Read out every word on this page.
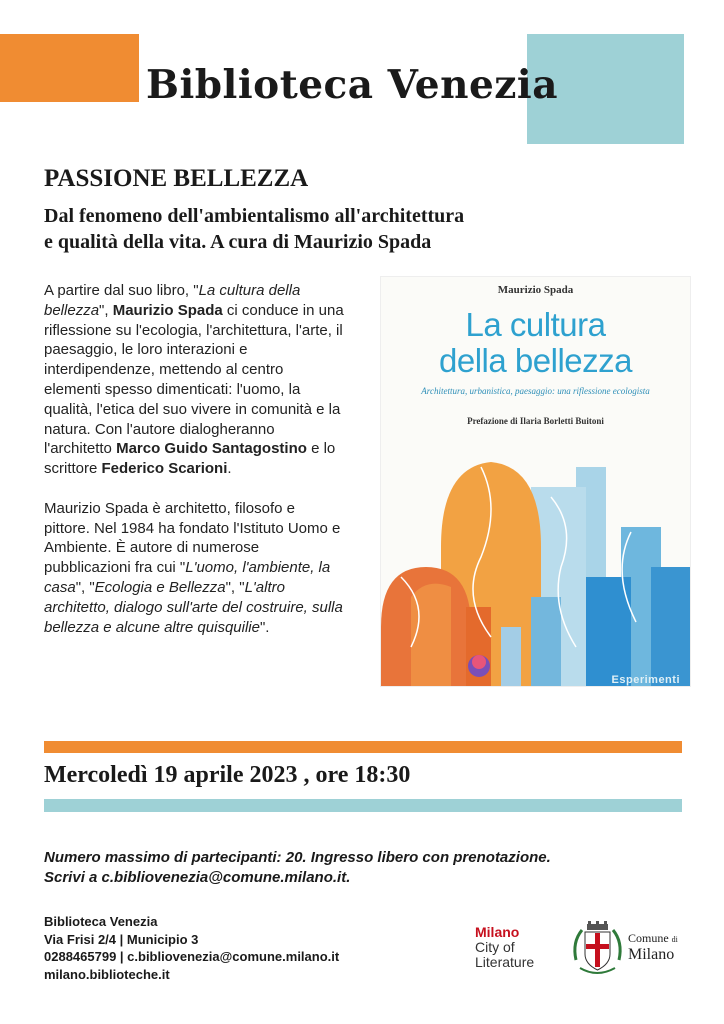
Biblioteca Venezia
PASSIONE BELLEZZA
Dal fenomeno dell'ambientalismo all'architettura
e qualità della vita. A cura di Maurizio Spada

A partire dal suo libro, "La cultura della bellezza", Maurizio Spada ci conduce in una riflessione su l'ecologia, l'architettura, l'arte, il paesaggio, le loro interazioni e interdipendenze, mettendo al centro elementi spesso dimenticati: l'uomo, la qualità, l'etica del suo vivere in comunità e la natura. Con l'autore dialogheranno l'architetto Marco Guido Santagostino e lo scrittore Federico Scarioni.

Maurizio Spada è architetto, filosofo e pittore. Nel 1984 ha fondato l'Istituto Uomo e Ambiente. È autore di numerose pubblicazioni fra cui "L'uomo, l'ambiente, la casa", "Ecologia e Bellezza", "L'altro architetto, dialogo sull'arte del costruire, sulla bellezza e alcune altre quisquilie".

Maurizio Spada
La cultura
della bellezza
Architettura, urbanistica, paesaggio: una riflessione ecologista
Prefazione di Ilaria Borletti Buitoni
Esperimenti
Mercoledì 19 aprile 2023 , ore 18:30
Numero massimo di partecipanti: 20. Ingresso libero con prenotazione.
Scrivi a c.bibliovenezia@comune.milano.it.
Biblioteca Venezia
Via Frisi 2/4 | Municipio 3
0288465799 | c.bibliovenezia@comune.milano.it
milano.biblioteche.it
Milano
City of
Literature
Comune di
Milano
